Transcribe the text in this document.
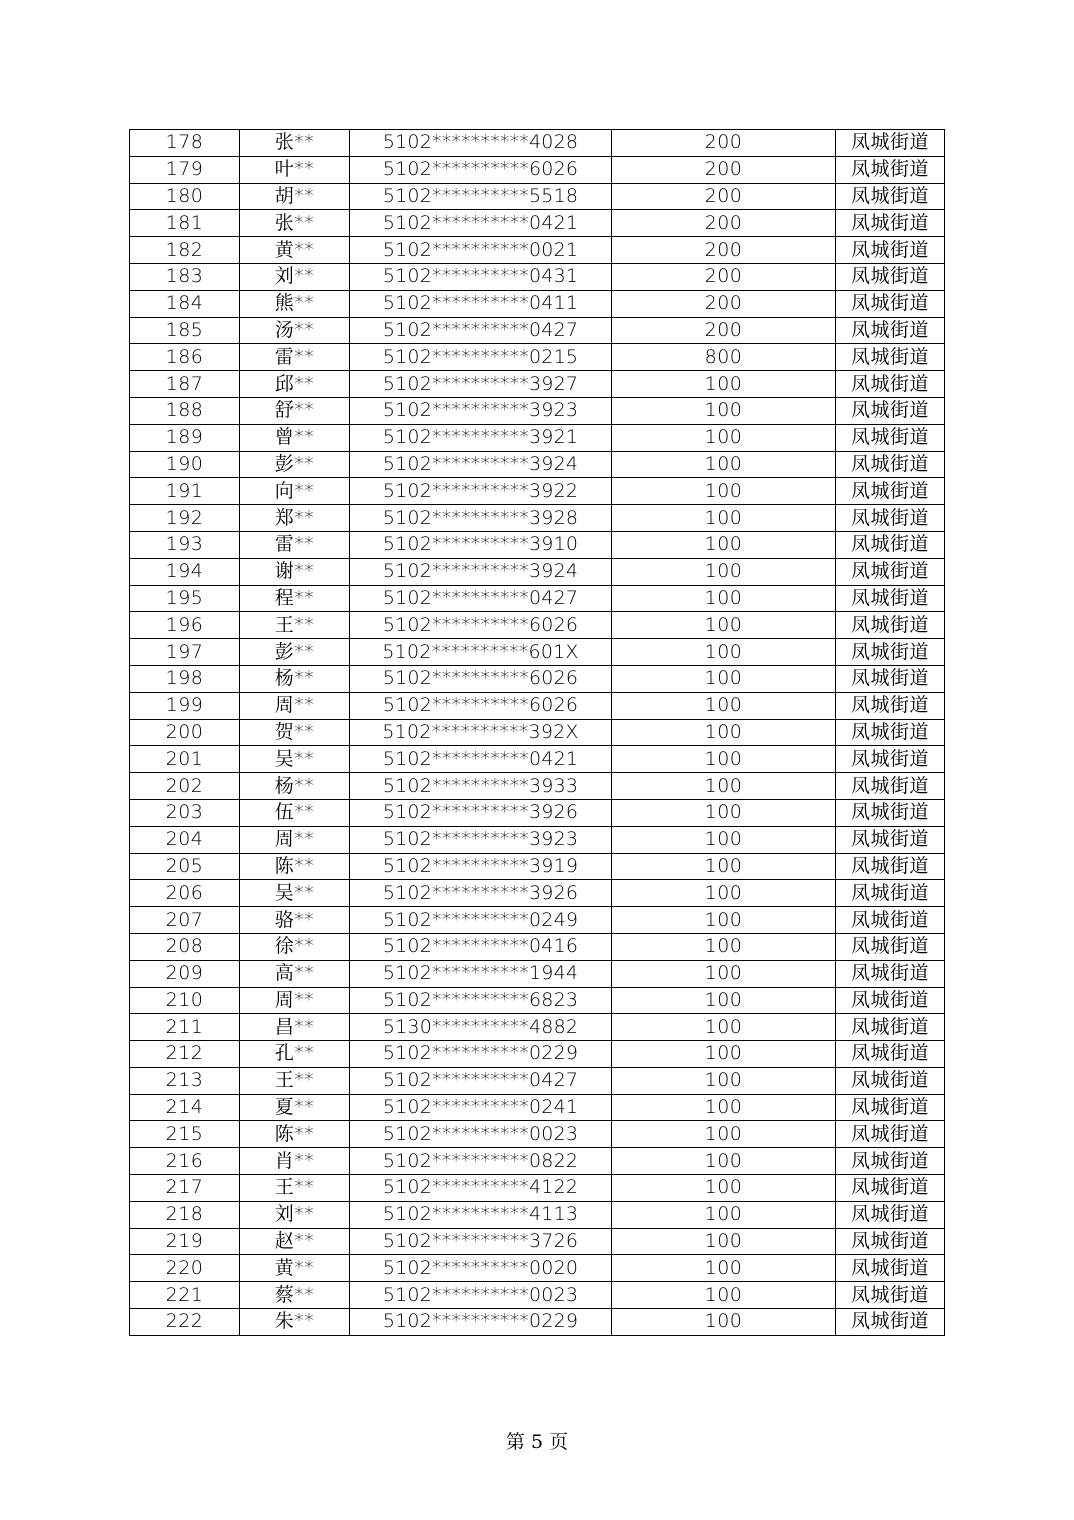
178	张**	5102**********4028	200	凤城街道
179	叶**	5102**********6026	200	凤城街道
180	胡**	5102**********5518	200	凤城街道
181	张**	5102**********0421	200	凤城街道
182	黄**	5102**********0021	200	凤城街道
183	刘**	5102**********0431	200	凤城街道
184	熊**	5102**********0411	200	凤城街道
185	汤**	5102**********0427	200	凤城街道
186	雷**	5102**********0215	800	凤城街道
187	邱**	5102**********3927	100	凤城街道
188	舒**	5102**********3923	100	凤城街道
189	曾**	5102**********3921	100	凤城街道
190	彭**	5102**********3924	100	凤城街道
191	向**	5102**********3922	100	凤城街道
192	郑**	5102**********3928	100	凤城街道
193	雷**	5102**********3910	100	凤城街道
194	谢**	5102**********3924	100	凤城街道
195	程**	5102**********0427	100	凤城街道
196	王**	5102**********6026	100	凤城街道
197	彭**	5102**********601X	100	凤城街道
198	杨**	5102**********6026	100	凤城街道
199	周**	5102**********6026	100	凤城街道
200	贺**	5102**********392X	100	凤城街道
201	吴**	5102**********0421	100	凤城街道
202	杨**	5102**********3933	100	凤城街道
203	伍**	5102**********3926	100	凤城街道
204	周**	5102**********3923	100	凤城街道
205	陈**	5102**********3919	100	凤城街道
206	吴**	5102**********3926	100	凤城街道
207	骆**	5102**********0249	100	凤城街道
208	徐**	5102**********0416	100	凤城街道
209	高**	5102**********1944	100	凤城街道
210	周**	5102**********6823	100	凤城街道
211	昌**	5130**********4882	100	凤城街道
212	孔**	5102**********0229	100	凤城街道
213	王**	5102**********0427	100	凤城街道
214	夏**	5102**********0241	100	凤城街道
215	陈**	5102**********0023	100	凤城街道
216	肖**	5102**********0822	100	凤城街道
217	王**	5102**********4122	100	凤城街道
218	刘**	5102**********4113	100	凤城街道
219	赵**	5102**********3726	100	凤城街道
220	黄**	5102**********0020	100	凤城街道
221	蔡**	5102**********0023	100	凤城街道
222	朱**	5102**********0229	100	凤城街道
第 5 页
